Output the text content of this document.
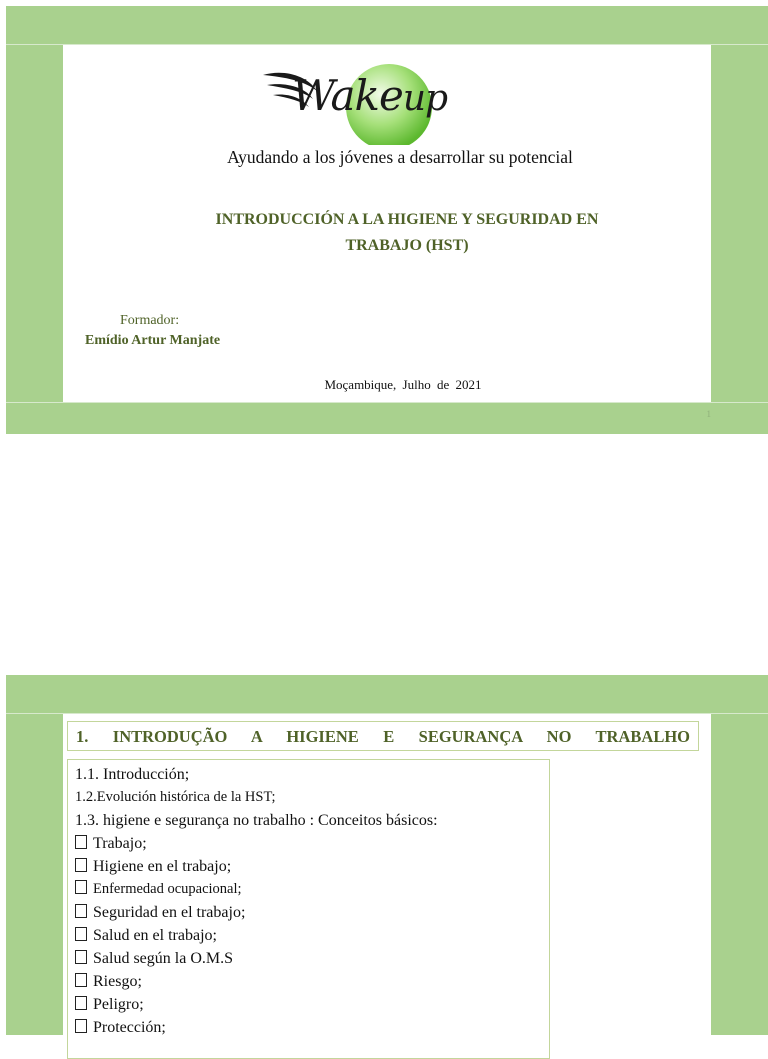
Wakeup
Ayudando a los jóvenes a desarrollar su potencial
INTRODUCCIÓN A LA HIGIENE Y SEGURIDAD EN
TRABAJO (HST)
Formador:
Emídio Artur Manjate
Moçambique, Julho de 2021
1
1. INTRODUÇÃO A HIGIENE E SEGURANÇA NO TRABALHO
1.1. Introducción;
1.2.Evolución histórica de la HST;
1.3. higiene e segurança no trabalho : Conceitos básicos:
Trabajo;
Higiene en el trabajo;
Enfermedad ocupacional;
Seguridad en el trabajo;
Salud en el trabajo;
Salud según la O.M.S
Riesgo;
Peligro;
Protección;
